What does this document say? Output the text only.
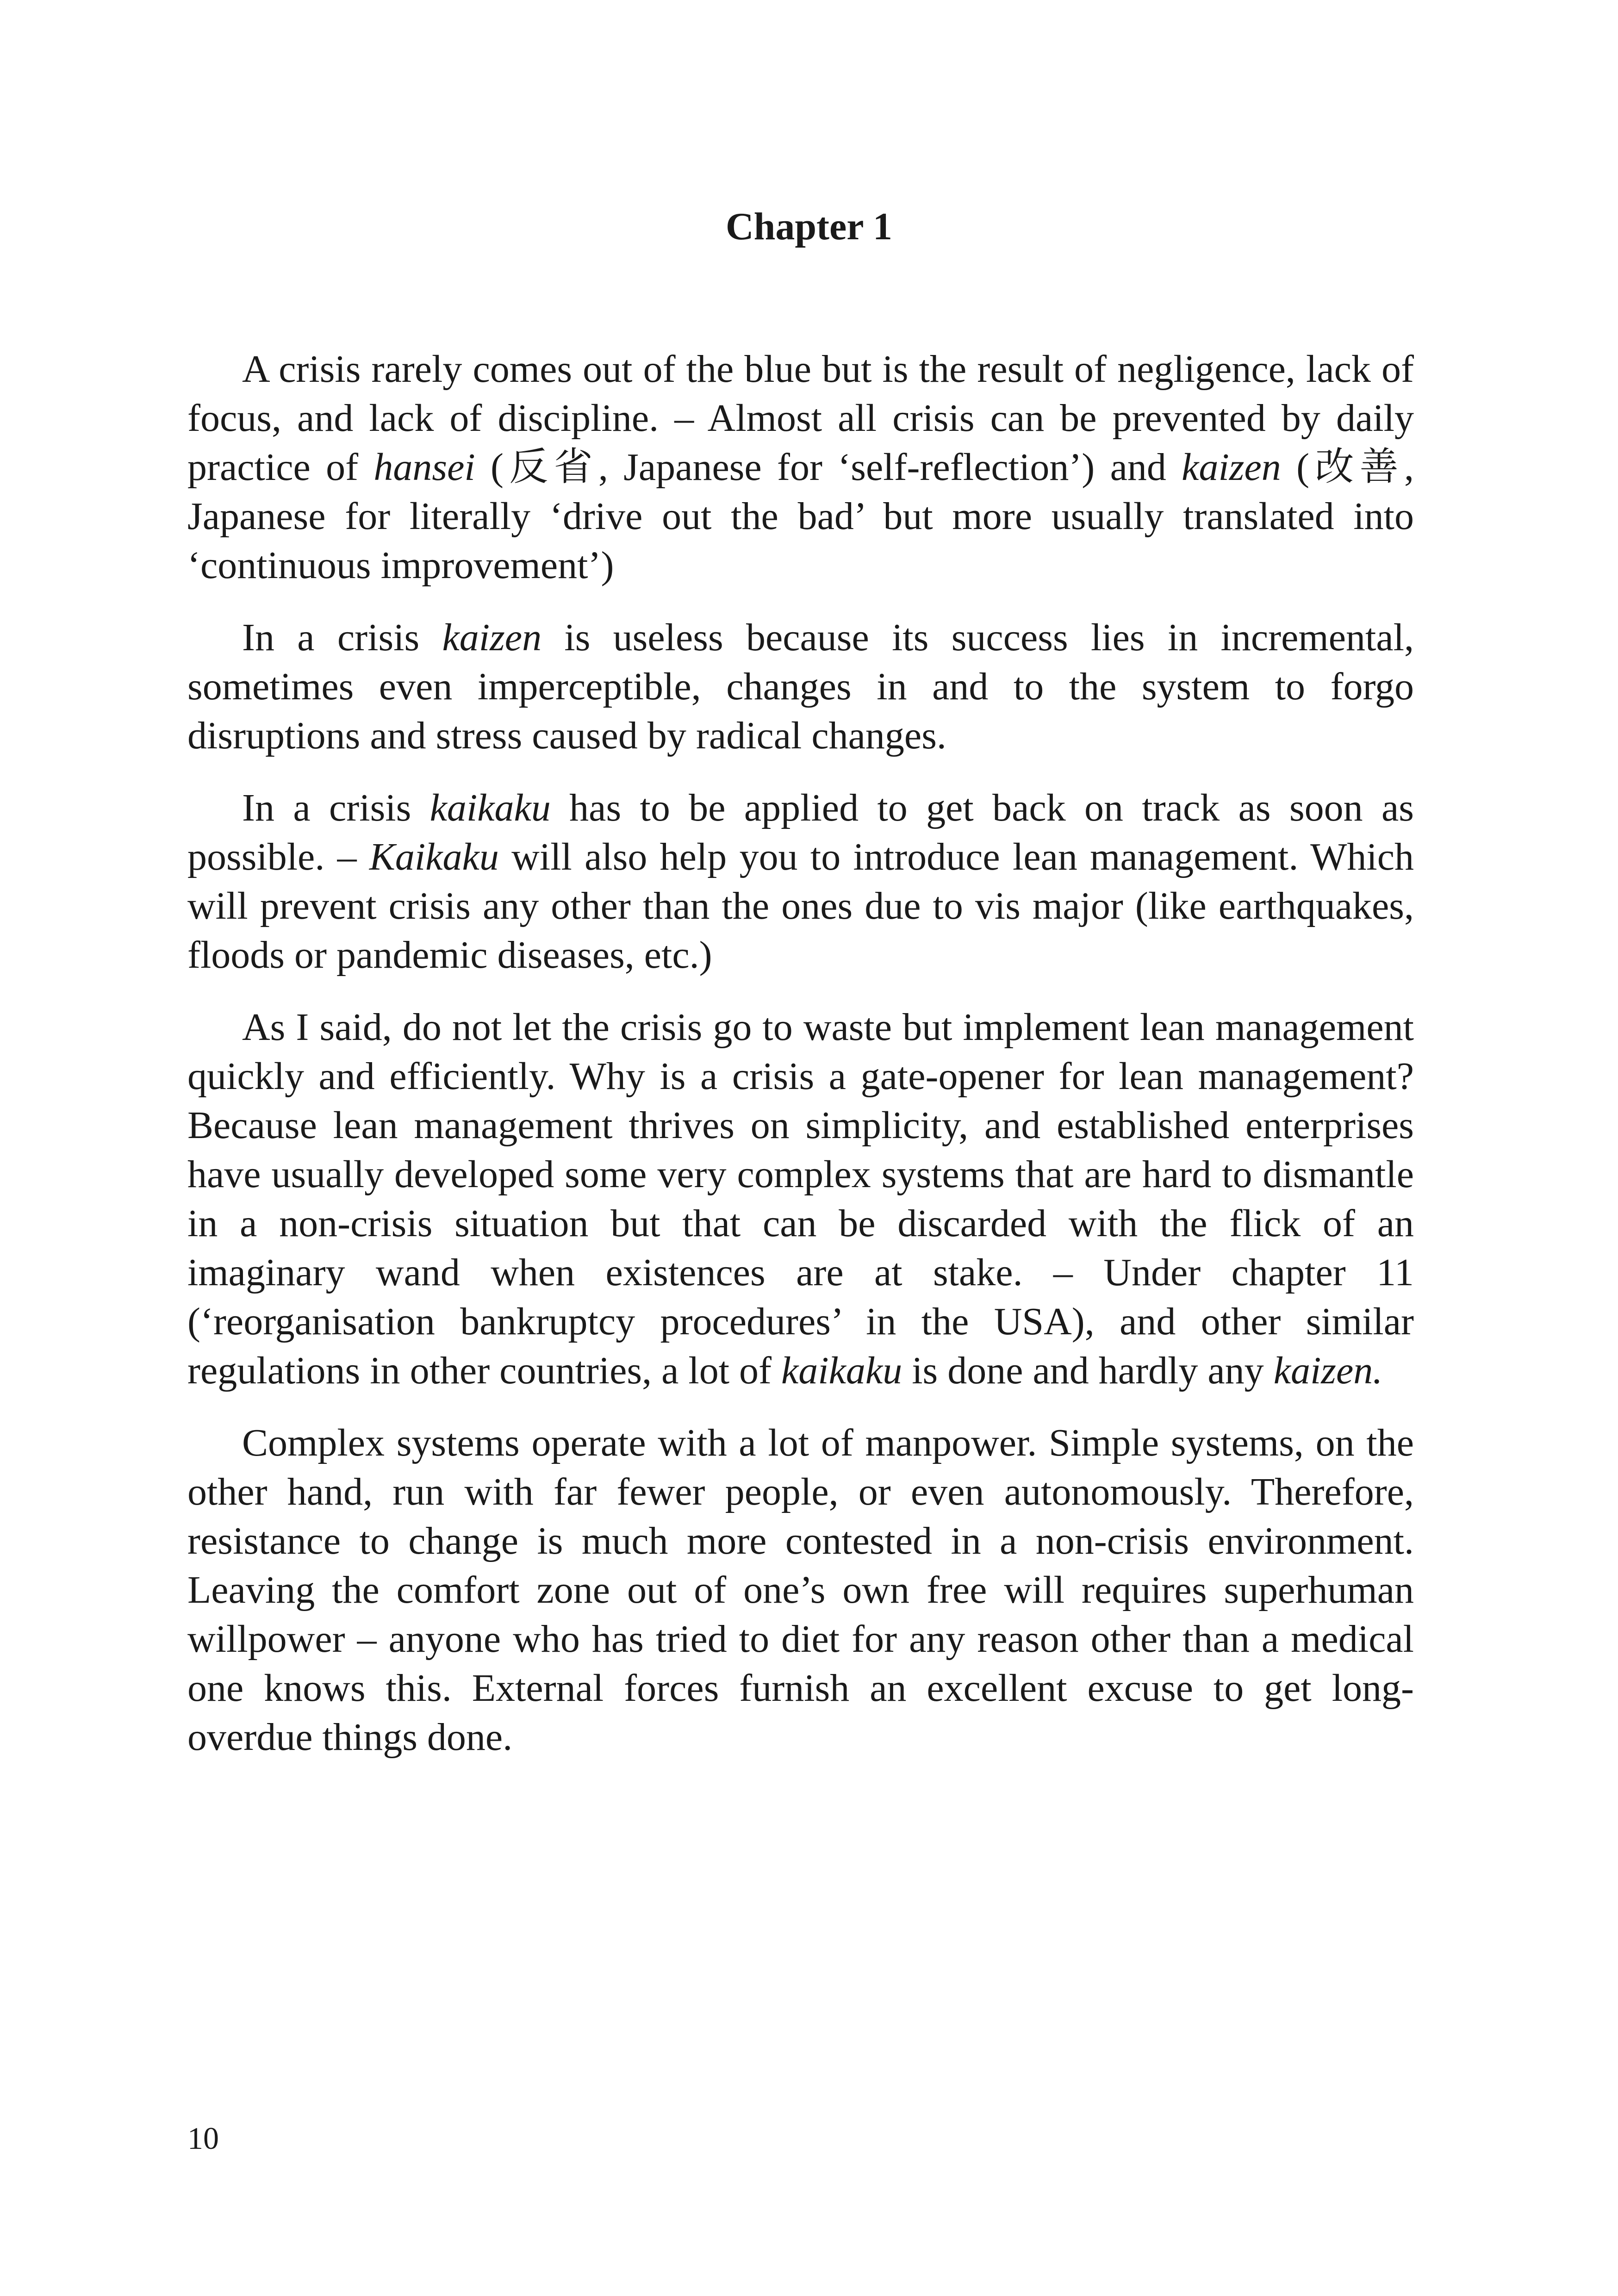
Chapter 1

A crisis rarely comes out of the blue but is the result of negligence, lack of focus, and lack of discipline. – Almost all crisis can be prevented by daily practice of hansei (反省, Japanese for ‘self-reflection’) and kaizen (改善, Japanese for literally ‘drive out the bad’ but more usually translated into ‘continuous improvement’)

In a crisis kaizen is useless because its success lies in incremental, sometimes even imperceptible, changes in and to the system to forgo disruptions and stress caused by radical changes.

In a crisis kaikaku has to be applied to get back on track as soon as possible. – Kaikaku will also help you to introduce lean management. Which will prevent crisis any other than the ones due to vis major (like earthquakes, floods or pandemic diseases, etc.)

As I said, do not let the crisis go to waste but implement lean management quickly and efficiently. Why is a crisis a gate-opener for lean management? Because lean management thrives on simplicity, and established enterprises have usually developed some very complex systems that are hard to dismantle in a non-crisis situation but that can be discarded with the flick of an imaginary wand when existences are at stake. – Under chapter 11 (‘reorganisation bankruptcy procedures’ in the USA), and other similar regulations in other countries, a lot of kaikaku is done and hardly any kaizen.

Complex systems operate with a lot of manpower. Simple systems, on the other hand, run with far fewer people, or even autonomously. Therefore, resistance to change is much more contested in a non-crisis environment. Leaving the comfort zone out of one’s own free will requires superhuman willpower – anyone who has tried to diet for any reason other than a medical one knows this. External forces furnish an excellent excuse to get long-overdue things done.

10
